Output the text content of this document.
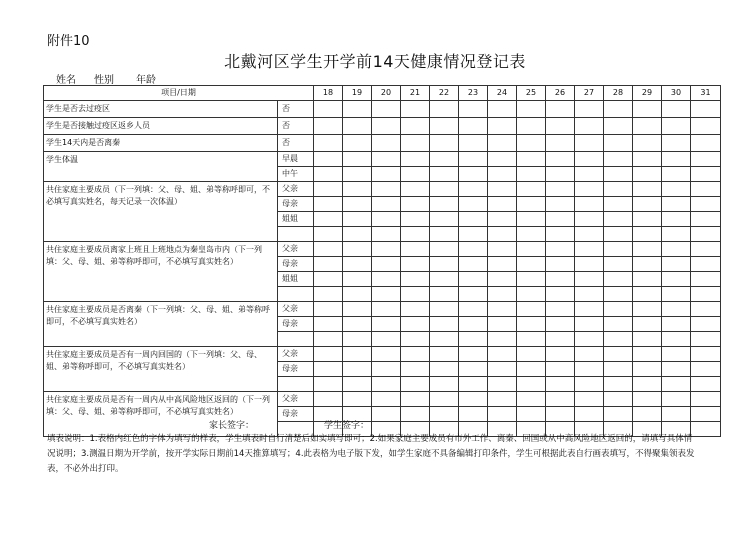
附件10
北戴河区学生开学前14天健康情况登记表
姓名 性别 年龄
项目/日期		18	19	20	21	22	23	24	25	26	27	28	29	30	31
学生是否去过疫区	否														
学生是否接触过疫区返乡人员	否														
学生14天内是否离秦	否														
学生体温	早晨														
	中午														
共住家庭主要成员（下一列填：父、母、姐、弟等称呼即可，不必填写真实姓名，每天记录一次体温）	父亲														
	母亲														
	姐姐														

共住家庭主要成员离家上班且上班地点为秦皇岛市内（下一列填：父、母、姐、弟等称呼即可，不必填写真实姓名）	父亲														
	母亲														
	姐姐														

共住家庭主要成员是否离秦（下一列填：父、母、姐、弟等称呼即可，不必填写真实姓名）	父亲														
	母亲														

共住家庭主要成员是否有一周内回国的（下一列填：父、母、姐、弟等称呼即可，不必填写真实姓名）	父亲														
	母亲														

共住家庭主要成员是否有一周内从中高风险地区返回的（下一列填：父、母、姐、弟等称呼即可，不必填写真实姓名）	父亲														
	母亲														

家长签字：	学生签字：
填表说明：1.表格内红色的字体为填写的样表，学生填表时自行清楚后如实填写即可；2.如果家庭主要成员有市外工作、离秦、回国或从中高风险地区返回的，请填写具体情况说明；3.测温日期为开学前，按开学实际日期前14天推算填写；4.此表格为电子版下发，如学生家庭不具备编辑打印条件，学生可根据此表自行画表填写，不得聚集领表发表，不必外出打印。
